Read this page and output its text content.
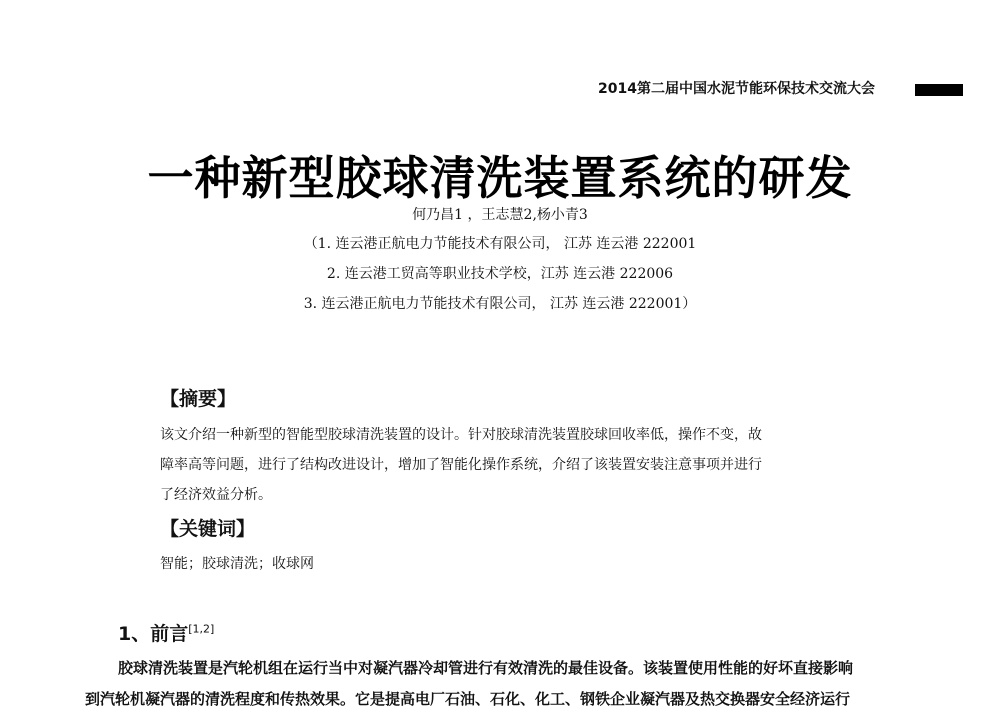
2014第二届中国水泥节能环保技术交流大会
一种新型胶球清洗装置系统的研发
何乃昌1 ，王志慧2,杨小青3
（1. 连云港正航电力节能技术有限公司， 江苏 连云港 222001
2. 连云港工贸高等职业技术学校，江苏 连云港 222006
3. 连云港正航电力节能技术有限公司， 江苏 连云港 222001）
【摘要】
该文介绍一种新型的智能型胶球清洗装置的设计。针对胶球清洗装置胶球回收率低，操作不变，故
障率高等问题，进行了结构改进设计，增加了智能化操作系统，介绍了该装置安装注意事项并进行
了经济效益分析。
【关键词】
智能；胶球清洗；收球网
1、前言[1,2]
胶球清洗装置是汽轮机组在运行当中对凝汽器冷却管进行有效清洗的最佳设备。该装置使用性能的好坏直接影响
到汽轮机凝汽器的清洗程度和传热效果。它是提高电厂石油、石化、化工、钢铁企业凝汽器及热交换器安全经济运行
